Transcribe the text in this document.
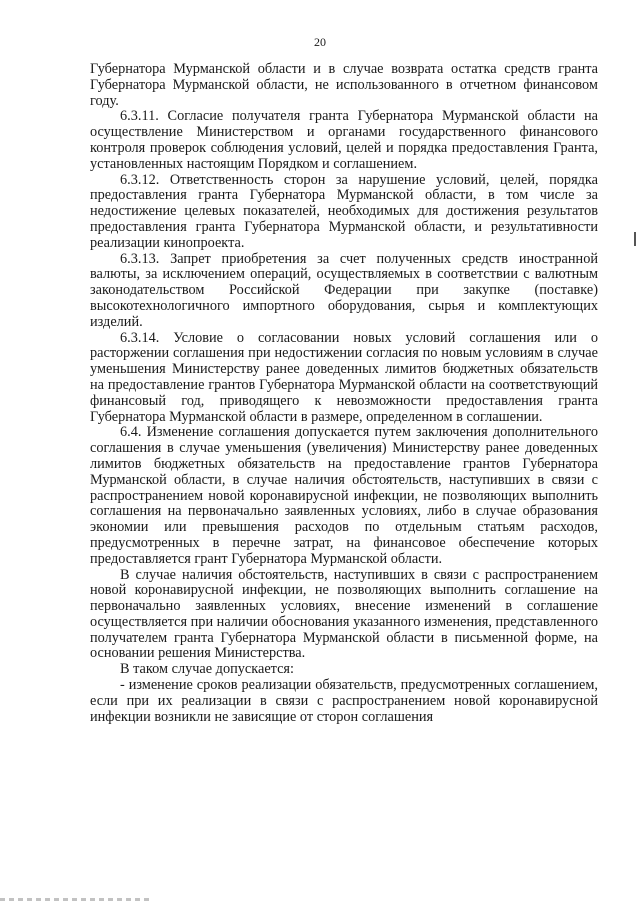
20

Губернатора Мурманской области и в случае возврата остатка средств гранта Губернатора Мурманской области, не использованного в отчетном финансовом году.

6.3.11. Согласие получателя гранта Губернатора Мурманской области на осуществление Министерством и органами государственного финансового контроля проверок соблюдения условий, целей и порядка предоставления Гранта, установленных настоящим Порядком и соглашением.

6.3.12. Ответственность сторон за нарушение условий, целей, порядка предоставления гранта Губернатора Мурманской области, в том числе за недостижение целевых показателей, необходимых для достижения результатов предоставления гранта Губернатора Мурманской области, и результативности реализации кинопроекта.

6.3.13. Запрет приобретения за счет полученных средств иностранной валюты, за исключением операций, осуществляемых в соответствии с валютным законодательством Российской Федерации при закупке (поставке) высокотехнологичного импортного оборудования, сырья и комплектующих изделий.

6.3.14. Условие о согласовании новых условий соглашения или о расторжении соглашения при недостижении согласия по новым условиям в случае уменьшения Министерству ранее доведенных лимитов бюджетных обязательств на предоставление грантов Губернатора Мурманской области на соответствующий финансовый год, приводящего к невозможности предоставления гранта Губернатора Мурманской области в размере, определенном в соглашении.

6.4. Изменение соглашения допускается путем заключения дополнительного соглашения в случае уменьшения (увеличения) Министерству ранее доведенных лимитов бюджетных обязательств на предоставление грантов Губернатора Мурманской области, в случае наличия обстоятельств, наступивших в связи с распространением новой коронавирусной инфекции, не позволяющих выполнить соглашения на первоначально заявленных условиях, либо в случае образования экономии или превышения расходов по отдельным статьям расходов, предусмотренных в перечне затрат, на финансовое обеспечение которых предоставляется грант Губернатора Мурманской области.

В случае наличия обстоятельств, наступивших в связи с распространением новой коронавирусной инфекции, не позволяющих выполнить соглашение на первоначально заявленных условиях, внесение изменений в соглашение осуществляется при наличии обоснования указанного изменения, представленного получателем гранта Губернатора Мурманской области в письменной форме, на основании решения Министерства.

В таком случае допускается:

- изменение сроков реализации обязательств, предусмотренных соглашением, если при их реализации в связи с распространением новой коронавирусной инфекции возникли не зависящие от сторон соглашения
